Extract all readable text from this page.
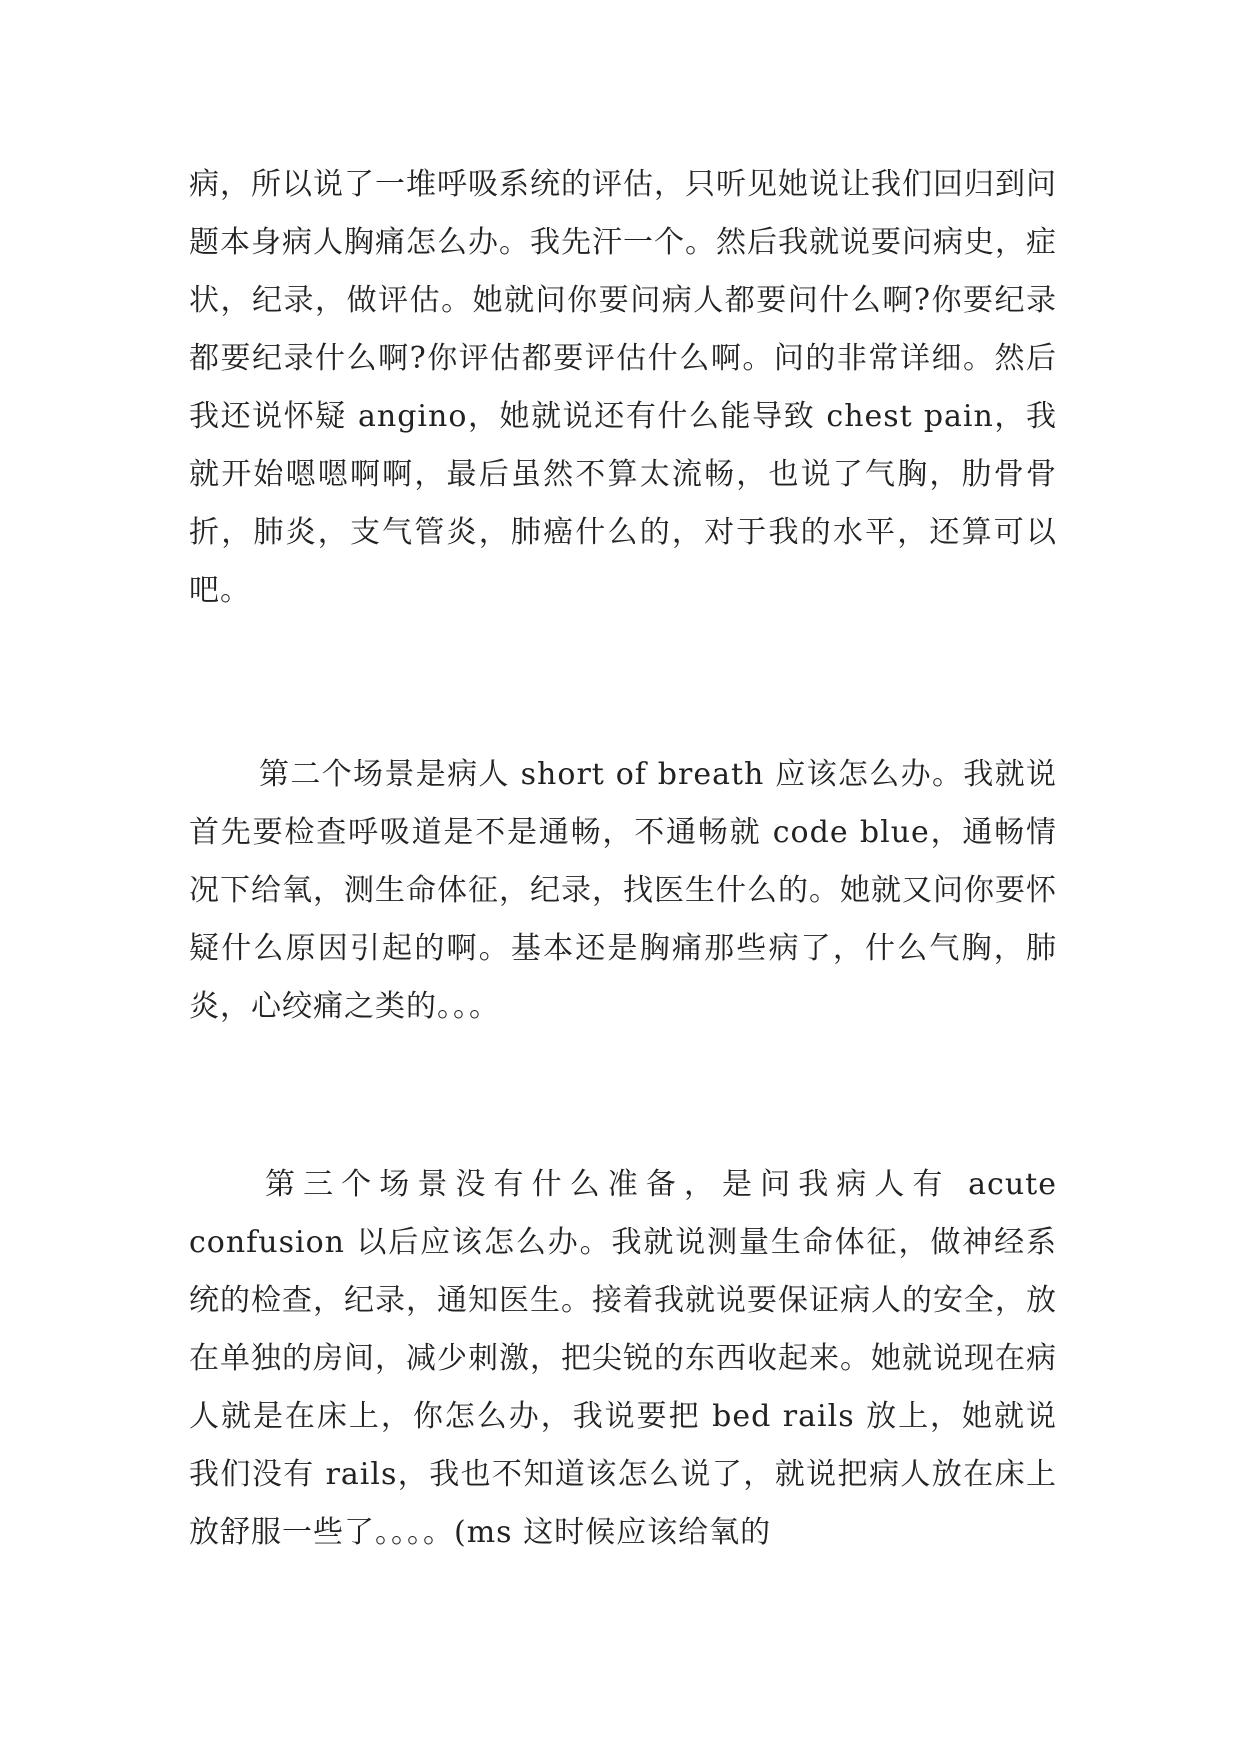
病，所以说了一堆呼吸系统的评估，只听见她说让我们回归到问题本身病人胸痛怎么办。我先汗一个。然后我就说要问病史，症状，纪录，做评估。她就问你要问病人都要问什么啊?你要纪录都要纪录什么啊?你评估都要评估什么啊。问的非常详细。然后我还说怀疑 angino，她就说还有什么能导致 chest pain，我就开始嗯嗯啊啊，最后虽然不算太流畅，也说了气胸，肋骨骨折，肺炎，支气管炎，肺癌什么的，对于我的水平，还算可以吧。

第二个场景是病人 short of breath 应该怎么办。我就说首先要检查呼吸道是不是通畅，不通畅就 code blue，通畅情况下给氧，测生命体征，纪录，找医生什么的。她就又问你要怀疑什么原因引起的啊。基本还是胸痛那些病了，什么气胸，肺炎，心绞痛之类的。。。

第三个场景没有什么准备，是问我病人有 acute confusion 以后应该怎么办。我就说测量生命体征，做神经系统的检查，纪录，通知医生。接着我就说要保证病人的安全，放在单独的房间，减少刺激，把尖锐的东西收起来。她就说现在病人就是在床上，你怎么办，我说要把 bed rails 放上，她就说我们没有 rails，我也不知道该怎么说了，就说把病人放在床上放舒服一些了。。。。(ms 这时候应该给氧的
